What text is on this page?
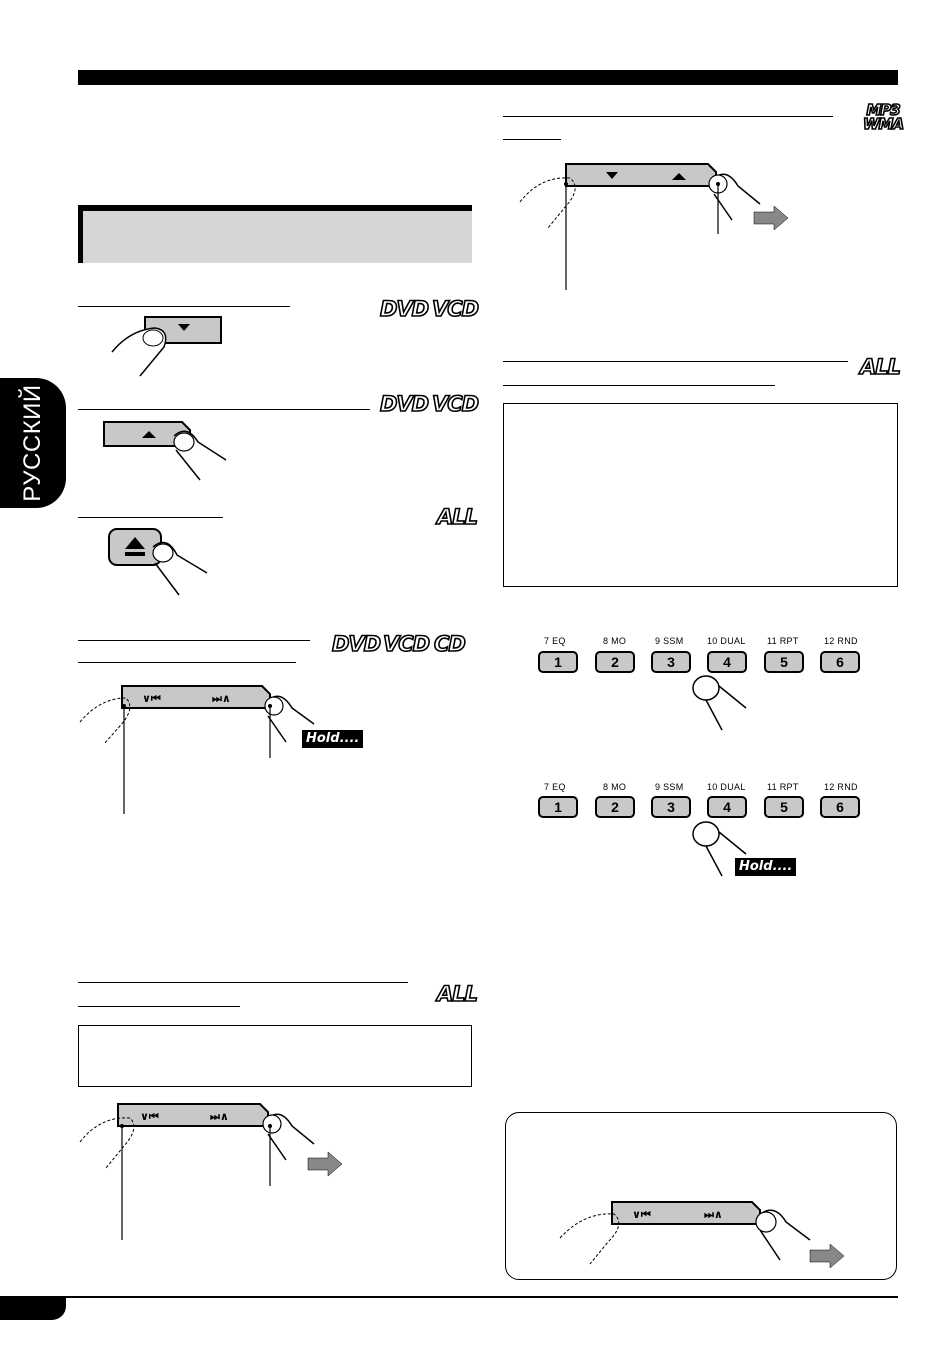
РУССКИЙ
DVD VCD
DVD VCD
ALL
DVD VCD CD
ALL
ALL
MP3
WMA
∨⏮	⏭∧
Hold....
∨⏮	⏭∧
7 EQ	8 MO	9 SSM	10 DUAL 11 RPT	12 RND
1	2	3	4	5	6
7 EQ	8 MO	9 SSM	10 DUAL 11 RPT	12 RND
1	2	3	4	5	6
Hold....
∨⏮	⏭∧
